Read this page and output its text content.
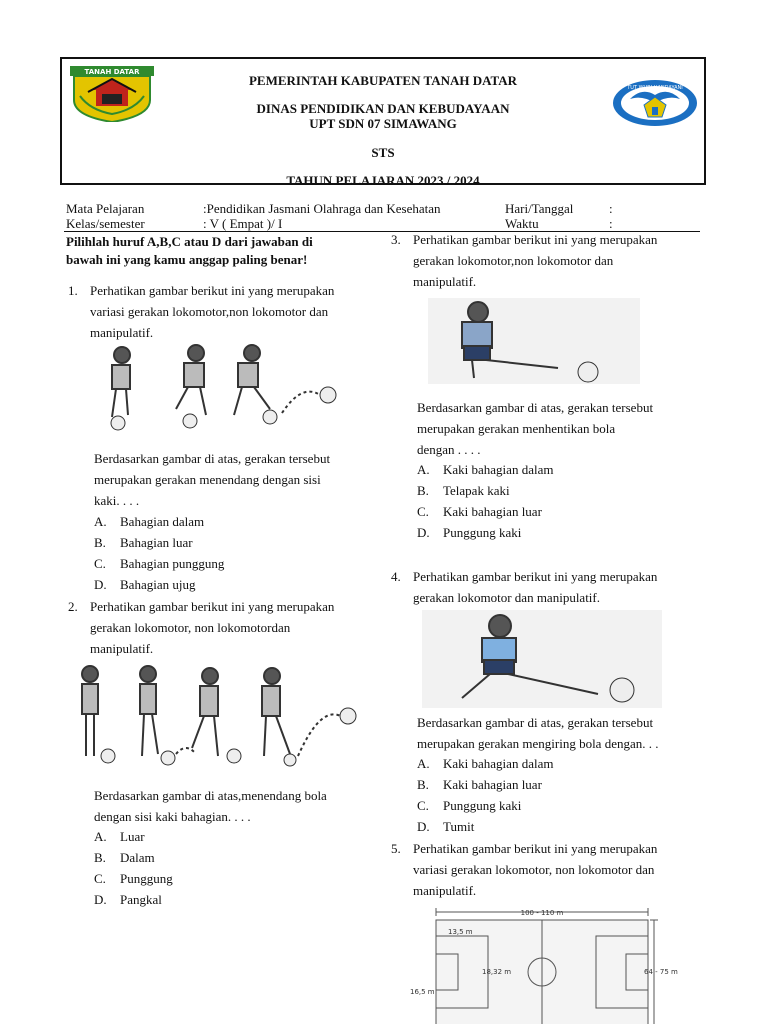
PEMERINTAH KABUPATEN TANAH DATAR
DINAS PENDIDIKAN DAN KEBUDAYAAN
UPT SDN 07 SIMAWANG
STS
TAHUN PELAJARAN 2023 / 2024
TANAH DATAR
TUT WURI HANDAYANI
Mata Pelajaran	:Pendidikan Jasmani Olahraga dan Kesehatan
Kelas/semester	: V ( Empat )/ I
Hari/Tanggal	:
Waktu	:
Pilihlah huruf A,B,C atau D dari jawaban di
bawah ini yang kamu anggap paling benar!
1. Perhatikan gambar berikut ini yang merupakan
variasi gerakan lokomotor,non lokomotor dan
manipulatif.
Berdasarkan gambar di atas, gerakan tersebut
merupakan gerakan menendang dengan sisi
kaki. . . .
A. Bahagian dalam
B. Bahagian luar
C. Bahagian punggung
D. Bahagian ujug
2. Perhatikan gambar berikut ini yang merupakan
gerakan lokomotor, non lokomotordan
manipulatif.
Berdasarkan gambar di atas,menendang bola
dengan sisi kaki bahagian. . . .
A. Luar
B. Dalam
C. Punggung
D. Pangkal
3. Perhatikan gambar berikut ini yang merupakan
gerakan lokomotor,non lokomotor dan
manipulatif.
Berdasarkan gambar di atas, gerakan tersebut
merupakan gerakan menhentikan bola
dengan . . . .
A. Kaki bahagian dalam
B. Telapak kaki
C. Kaki bahagian luar
D. Punggung kaki
4. Perhatikan gambar berikut ini yang merupakan
gerakan lokomotor dan manipulatif.
Berdasarkan gambar di atas, gerakan tersebut
merupakan gerakan mengiring bola dengan. . .
A. Kaki bahagian dalam
B. Kaki bahagian luar
C. Punggung kaki
D. Tumit
5. Perhatikan gambar berikut ini yang merupakan
variasi gerakan lokomotor, non lokomotor dan
manipulatif.
100 - 110 m
13,5 m
18,32 m	64 - 75 m
16,5 m
